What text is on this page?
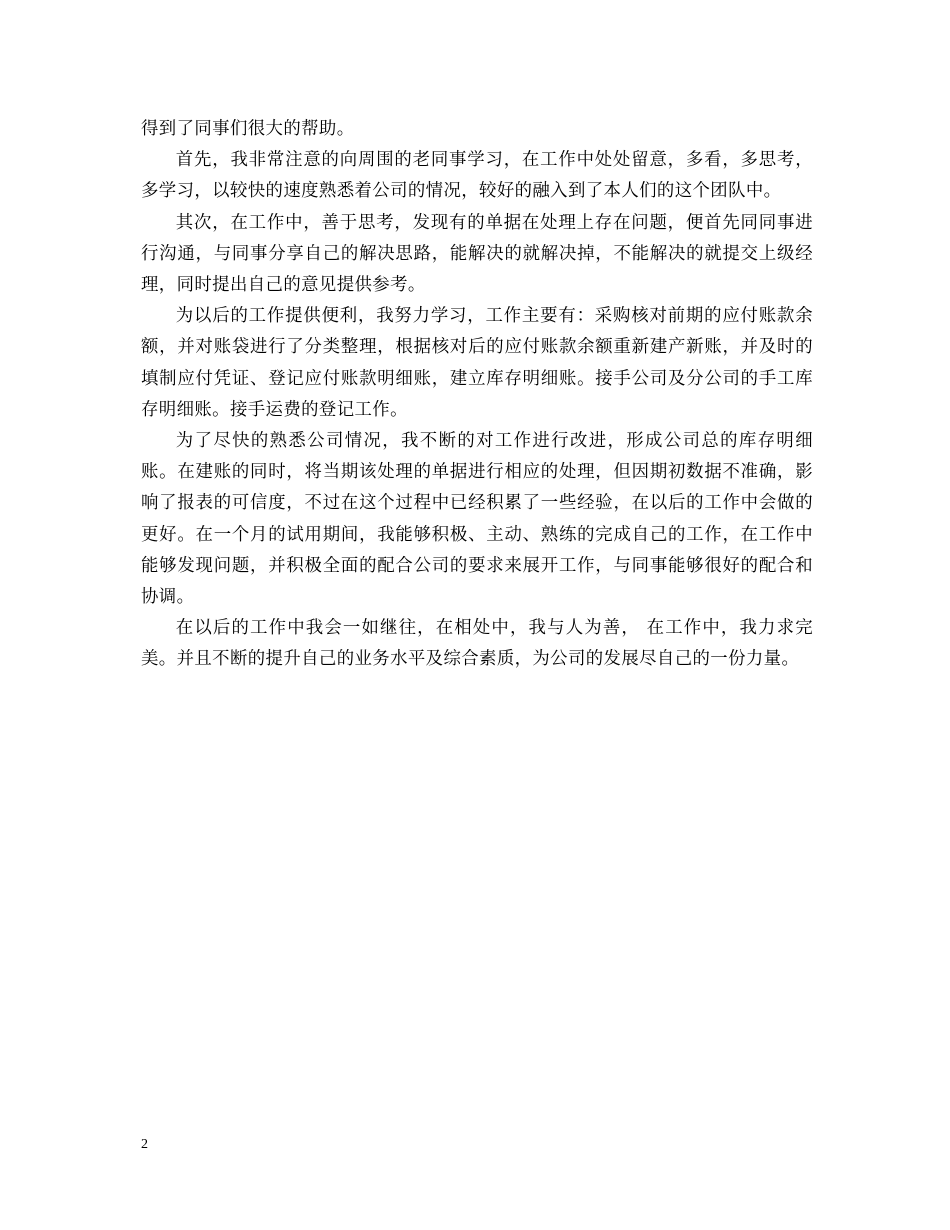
得到了同事们很大的帮助。

首先，我非常注意的向周围的老同事学习，在工作中处处留意，多看，多思考，多学习，以较快的速度熟悉着公司的情况，较好的融入到了本人们的这个团队中。

其次，在工作中，善于思考，发现有的单据在处理上存在问题，便首先同同事进行沟通，与同事分享自己的解决思路，能解决的就解决掉，不能解决的就提交上级经理，同时提出自己的意见提供参考。

为以后的工作提供便利，我努力学习，工作主要有：采购核对前期的应付账款余额，并对账袋进行了分类整理，根据核对后的应付账款余额重新建产新账，并及时的填制应付凭证、登记应付账款明细账，建立库存明细账。接手公司及分公司的手工库存明细账。接手运费的登记工作。

为了尽快的熟悉公司情况，我不断的对工作进行改进，形成公司总的库存明细账。在建账的同时，将当期该处理的单据进行相应的处理，但因期初数据不准确，影响了报表的可信度，不过在这个过程中已经积累了一些经验，在以后的工作中会做的更好。在一个月的试用期间，我能够积极、主动、熟练的完成自己的工作，在工作中能够发现问题，并积极全面的配合公司的要求来展开工作，与同事能够很好的配合和协调。

在以后的工作中我会一如继往，在相处中，我与人为善， 在工作中，我力求完美。并且不断的提升自己的业务水平及综合素质，为公司的发展尽自己的一份力量。

2
